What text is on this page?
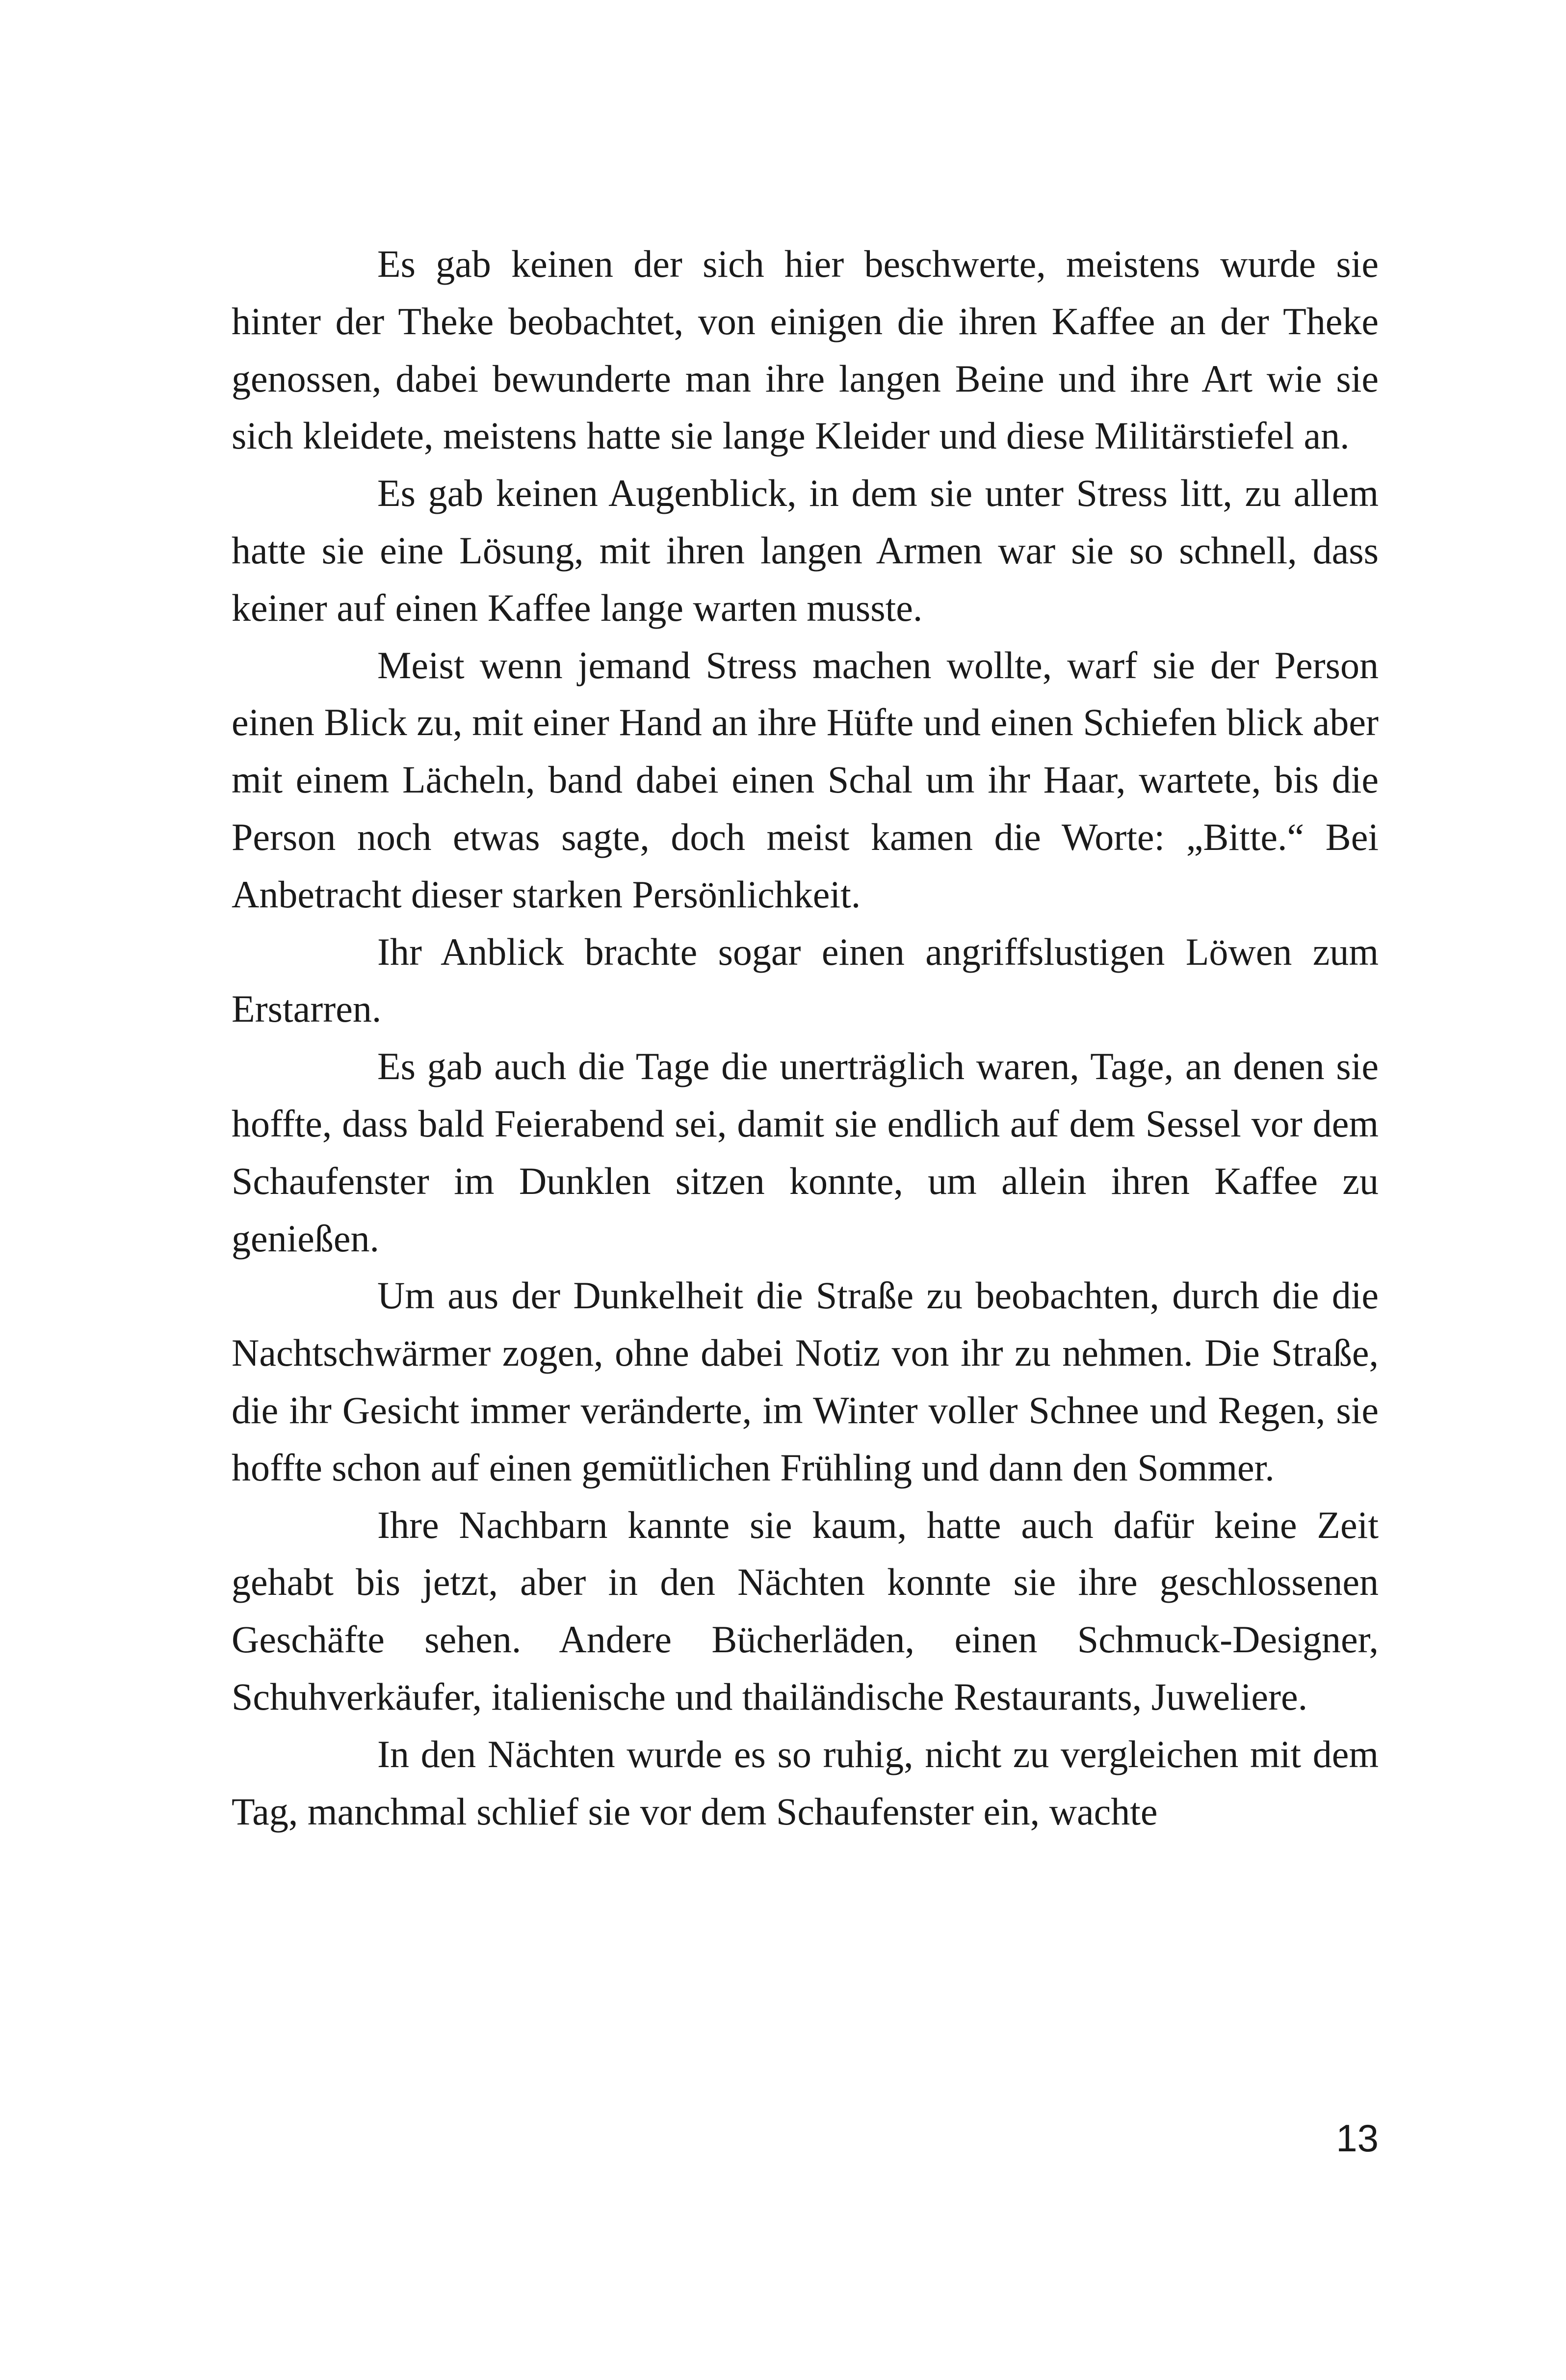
Es gab keinen der sich hier beschwerte, meistens wurde sie hinter der Theke beobachtet, von einigen die ihren Kaffee an der Theke genossen, dabei bewunderte man ihre langen Beine und ihre Art wie sie sich kleidete, meistens hatte sie lange Kleider und diese Militärstiefel an.

Es gab keinen Augenblick, in dem sie unter Stress litt, zu allem hatte sie eine Lösung, mit ihren langen Armen war sie so schnell, dass keiner auf einen Kaffee lange warten musste.

Meist wenn jemand Stress machen wollte, warf sie der Person einen Blick zu, mit einer Hand an ihre Hüfte und einen Schiefen blick aber mit einem Lächeln, band dabei einen Schal um ihr Haar, wartete, bis die Person noch etwas sagte, doch meist kamen die Worte: „Bitte.“ Bei Anbetracht dieser starken Persönlichkeit.

Ihr Anblick brachte sogar einen angriffslustigen Löwen zum Erstarren.

Es gab auch die Tage die unerträglich waren, Tage, an denen sie hoffte, dass bald Feierabend sei, damit sie endlich auf dem Sessel vor dem Schaufenster im Dunklen sitzen konnte, um allein ihren Kaffee zu genießen.

Um aus der Dunkelheit die Straße zu beobachten, durch die die Nachtschwärmer zogen, ohne dabei Notiz von ihr zu nehmen. Die Straße, die ihr Gesicht immer veränderte, im Winter voller Schnee und Regen, sie hoffte schon auf einen gemütlichen Frühling und dann den Sommer.

Ihre Nachbarn kannte sie kaum, hatte auch dafür keine Zeit gehabt bis jetzt, aber in den Nächten konnte sie ihre geschlossenen Geschäfte sehen. Andere Bücherläden, einen Schmuck-Designer, Schuhverkäufer, italienische und thailändische Restaurants, Juweliere.

In den Nächten wurde es so ruhig, nicht zu vergleichen mit dem Tag, manchmal schlief sie vor dem Schaufenster ein, wachte

13
